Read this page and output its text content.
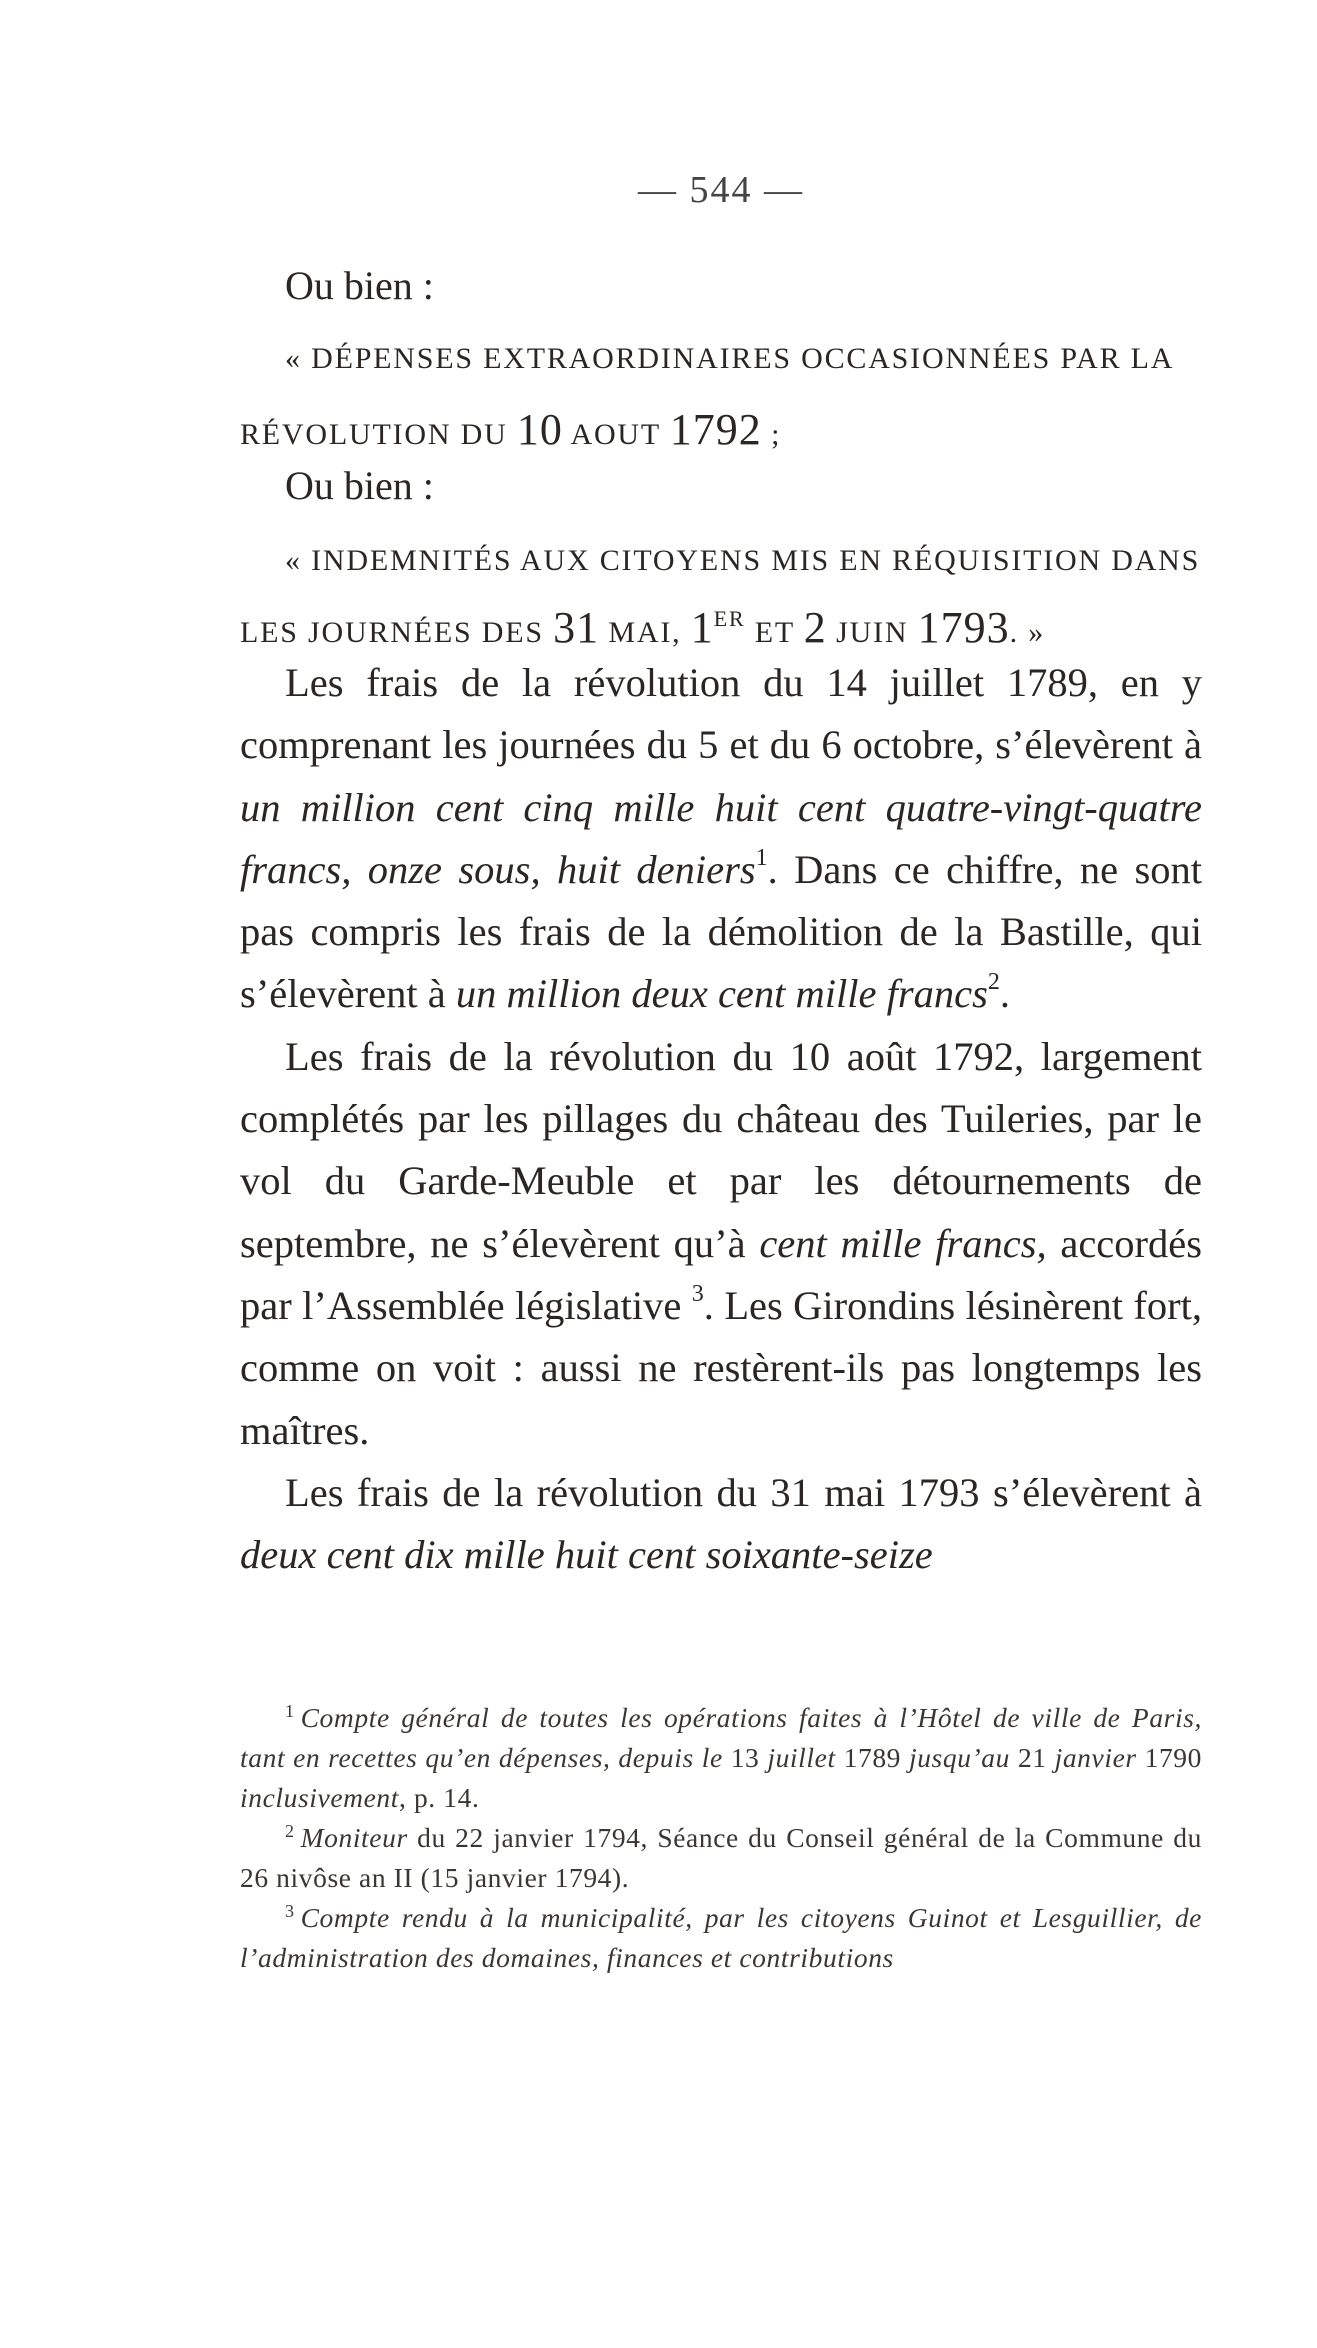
— 544 —
Ou bien :
« DÉPENSES EXTRAORDINAIRES OCCASIONNÉES PAR LA
RÉVOLUTION DU 10 AOUT 1792 ;
Ou bien :
« INDEMNITÉS AUX CITOYENS MIS EN RÉQUISITION DANS
LES JOURNÉES DES 31 MAI, 1ER ET 2 JUIN 1793. »

Les frais de la révolution du 14 juillet 1789, en y comprenant les journées du 5 et du 6 octobre, s’élevèrent à un million cent cinq mille huit cent quatre-vingt-quatre francs, onze sous, huit deniers$^1$. Dans ce chiffre, ne sont pas compris les frais de la démolition de la Bastille, qui s’élevèrent à un million deux cent mille francs$^2$.

Les frais de la révolution du 10 août 1792, largement complétés par les pillages du château des Tuileries, par le vol du Garde-Meuble et par les détournements de septembre, ne s’élevèrent qu’à cent mille francs, accordés par l’Assemblée législative $^3$. Les Girondins lésinèrent fort, comme on voit : aussi ne restèrent-ils pas longtemps les maîtres.

Les frais de la révolution du 31 mai 1793 s’élevèrent à deux cent dix mille huit cent soixante-seize

$^1$ Compte général de toutes les opérations faites à l’Hôtel de ville de Paris, tant en recettes qu’en dépenses, depuis le 13 juillet 1789 jusqu’au 21 janvier 1790 inclusivement, p. 14.

$^2$ Moniteur du 22 janvier 1794, Séance du Conseil général de la Commune du 26 nivôse an II (15 janvier 1794).

$^3$ Compte rendu à la municipalité, par les citoyens Guinot et Lesguillier, de l’administration des domaines, finances et contributions
